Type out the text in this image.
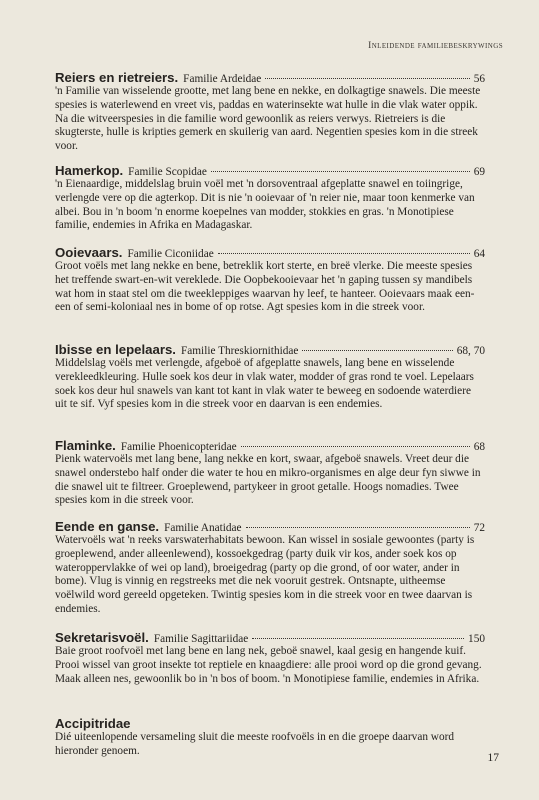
Inleidende familiebeskrywings
Reiers en rietreiers. Familie Ardeidae	56
'n Familie van wisselende grootte, met lang bene en nekke, en dolkagtige snawels. Die meeste spesies is waterlewend en vreet vis, paddas en waterinsekte wat hulle in die vlak water oppik. Na die witveerspesies in die familie word gewoonlik as reiers verwys. Rietreiers is die skugterste, hulle is kripties gemerk en skuilerig van aard. Negentien spesies kom in die streek voor.
Hamerkop. Familie Scopidae	69
'n Eienaardige, middelslag bruin voël met 'n dorsoventraal afgeplatte snawel en toiingrige, verlengde vere op die agterkop. Dit is nie 'n ooievaar of 'n reier nie, maar toon kenmerke van albei. Bou in 'n boom 'n enorme koepelnes van modder, stokkies en gras. 'n Monotipiese familie, endemies in Afrika en Madagaskar.
Ooievaars. Familie Ciconiidae	64
Groot voëls met lang nekke en bene, betreklik kort sterte, en breë vlerke. Die meeste spesies het treffende swart-en-wit vereklede. Die Oopbekooievaar het 'n gaping tussen sy mandibels wat hom in staat stel om die tweekleppiges waarvan hy leef, te hanteer. Ooievaars maak een-een of semi-koloniaal nes in bome of op rotse. Agt spesies kom in die streek voor.
Ibisse en lepelaars. Familie Threskiornithidae	68, 70
Middelslag voëls met verlengde, afgeboë of afgeplatte snawels, lang bene en wisselende verekleedkleuring. Hulle soek kos deur in vlak water, modder of gras rond te voel. Lepelaars soek kos deur hul snawels van kant tot kant in vlak water te beweeg en sodoende waterdiere uit te sif. Vyf spesies kom in die streek voor en daarvan is een endemies.
Flaminke. Familie Phoenicopteridae	68
Pienk watervoëls met lang bene, lang nekke en kort, swaar, afgeboë snawels. Vreet deur die snawel onderstebo half onder die water te hou en mikro-organismes en alge deur fyn siwwe in die snawel uit te filtreer. Groeplewend, partykeer in groot getalle. Hoogs nomadies. Twee spesies kom in die streek voor.
Eende en ganse. Familie Anatidae	72
Watervoëls wat 'n reeks varswaterhabitats bewoon. Kan wissel in sosiale gewoontes (party is groeplewend, ander alleenlewend), kossoekgedrag (party duik vir kos, ander soek kos op wateroppervlakke of wei op land), broeigedrag (party op die grond, of oor water, ander in bome). Vlug is vinnig en regstreeks met die nek vooruit gestrek. Ontsnapte, uitheemse voëlwild word gereeld opgeteken. Twintig spesies kom in die streek voor en twee daarvan is endemies.
Sekretarisvoël. Familie Sagittariidae	150
Baie groot roofvoël met lang bene en lang nek, geboë snawel, kaal gesig en hangende kuif. Prooi wissel van groot insekte tot reptiele en knaagdiere: alle prooi word op die grond gevang. Maak alleen nes, gewoonlik bo in 'n bos of boom. 'n Monotipiese familie, endemies in Afrika.
Accipitridae
Dié uiteenlopende versameling sluit die meeste roofvoëls in en die groepe daarvan word hieronder genoem.
17
